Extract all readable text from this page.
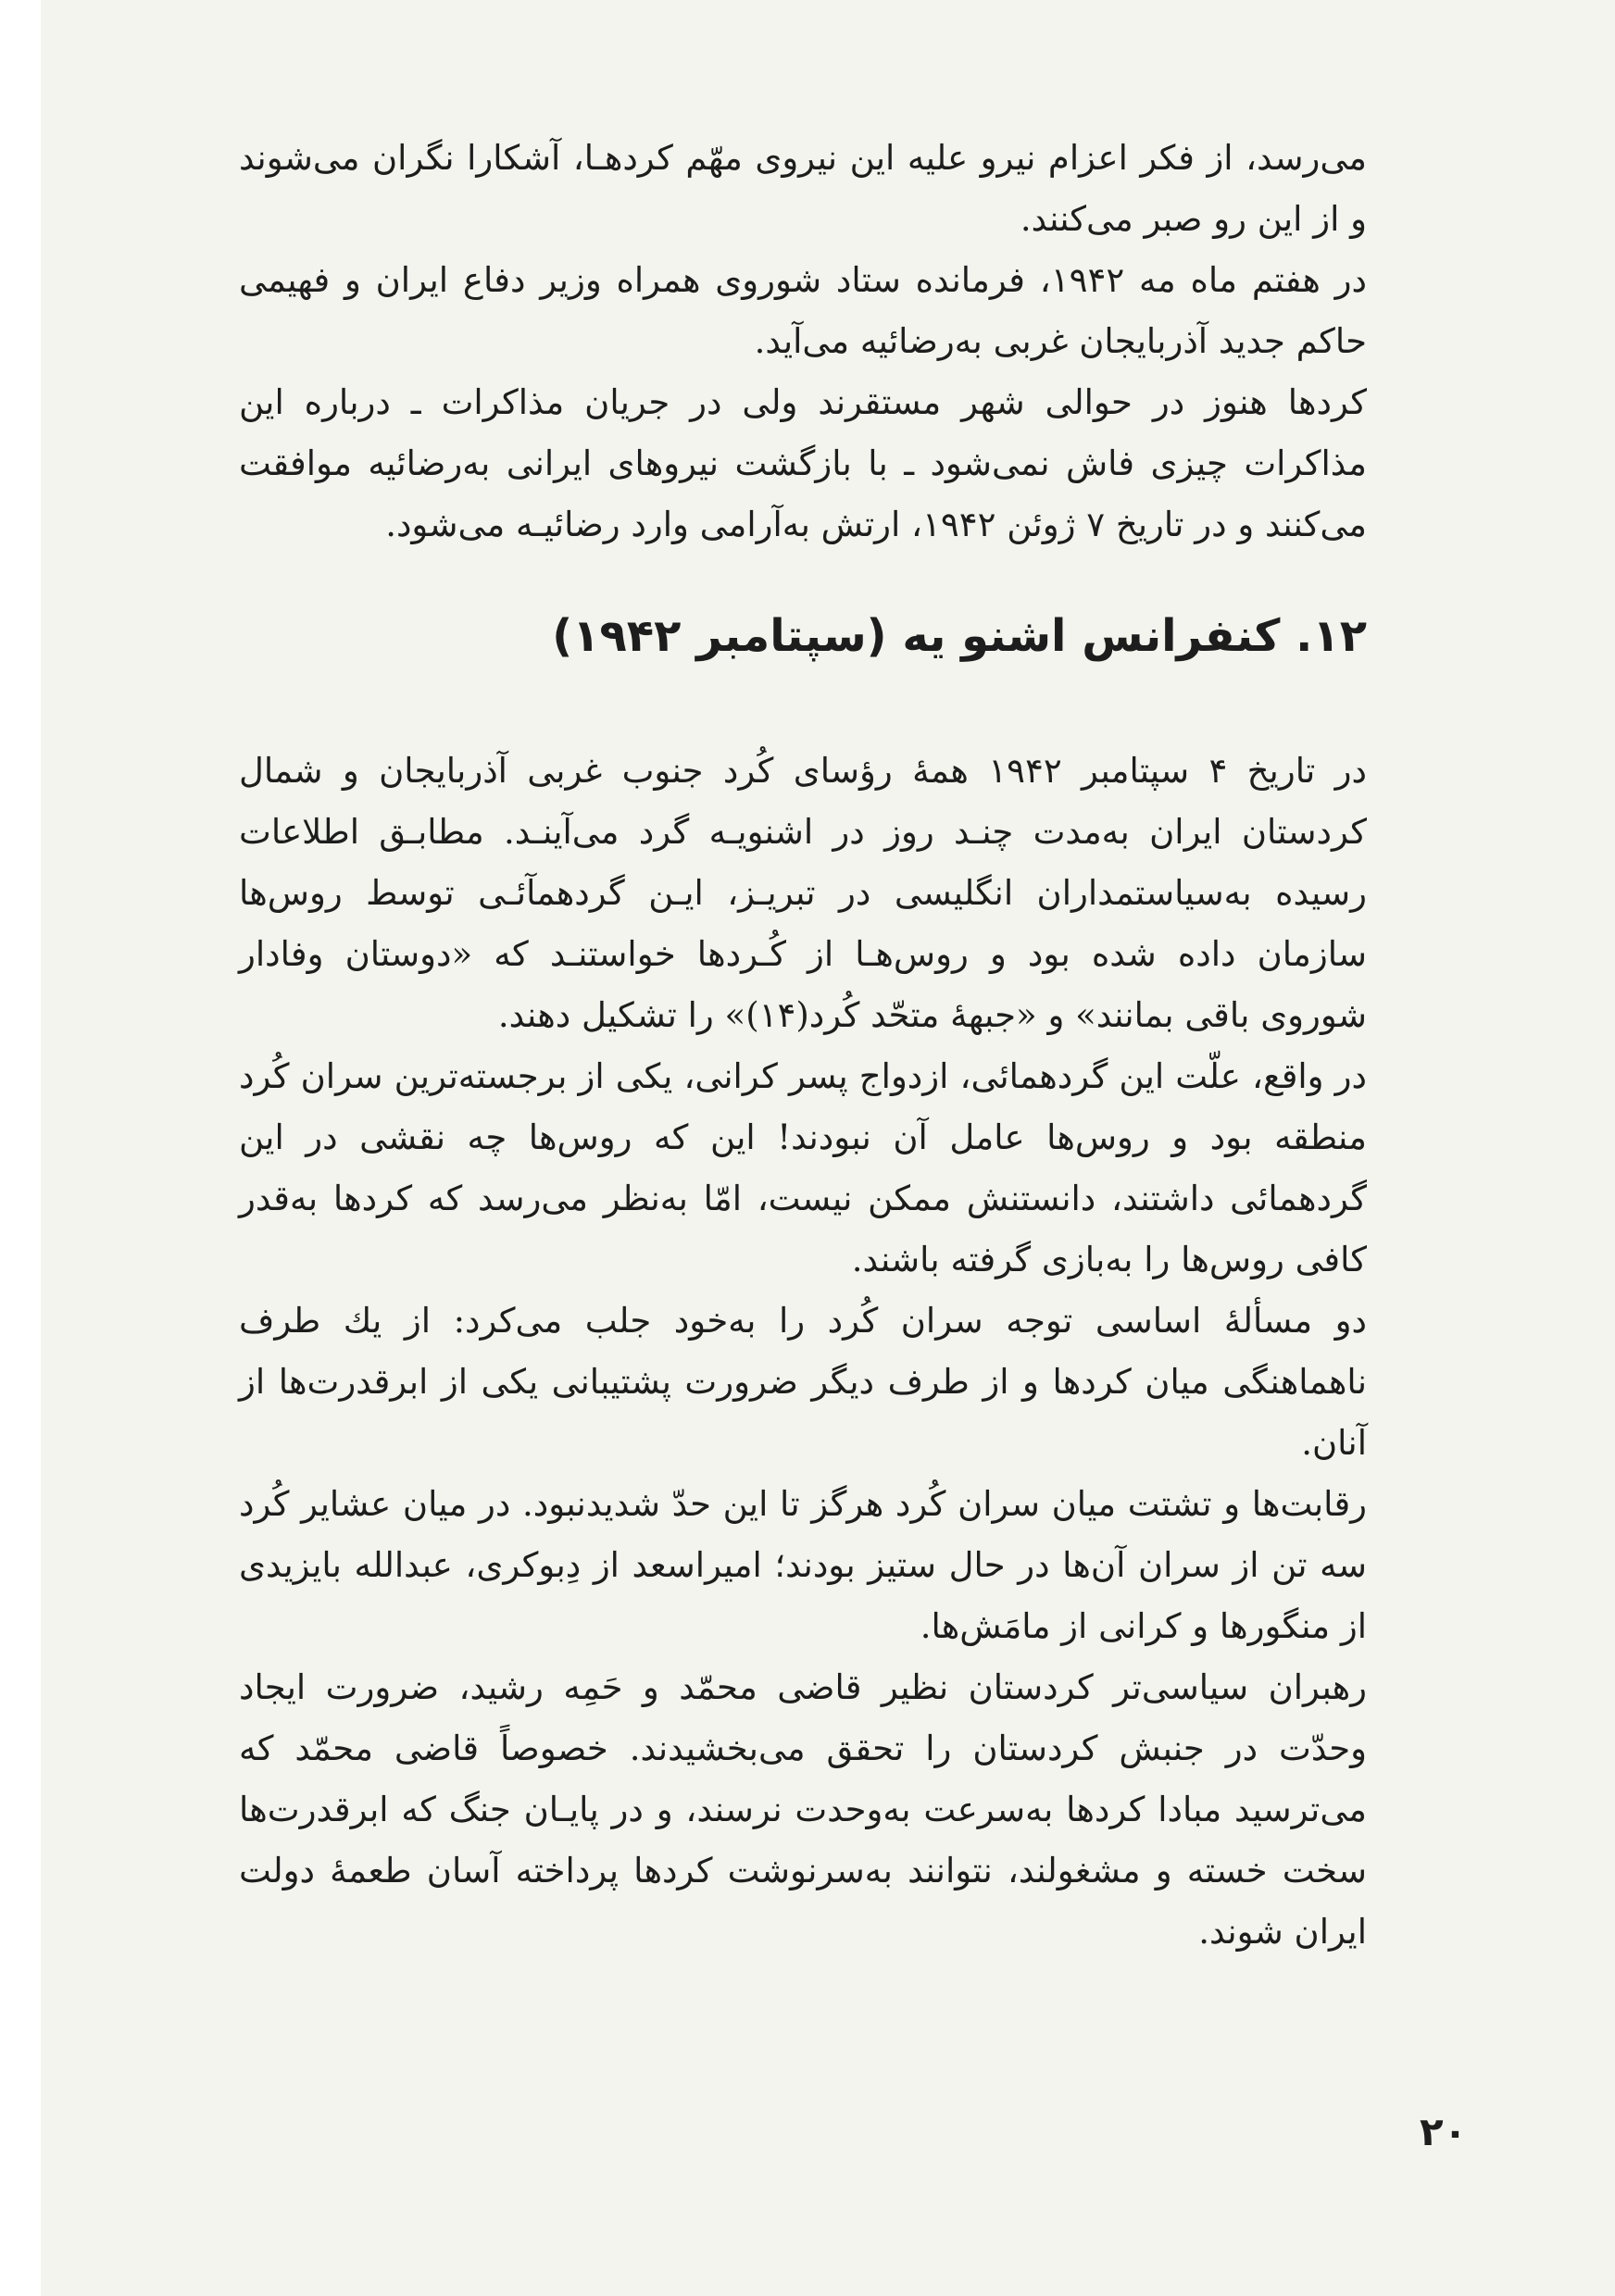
می‌رسد، از فکر اعزام نیرو علیه این نیروی مهّم کردهـا، آشکارا نگران می‌شوند و از این رو صبر می‌کنند.

در هفتم ماه مه ۱۹۴۲، فرمانده ستاد شوروی همراه وزیر دفاع ایران و فهیمی حاکم جدید آذربایجان غربی به‌رضائیه می‌آید.

کردها هنوز در حوالی شهر مستقرند ولی در جریان مذاکرات ـ درباره این مذاکرات چیزی فاش نمی‌شود ـ با بازگشت نیروهای ایرانی به‌رضائیه موافقت می‌کنند و در تاریخ ۷ ژوئن ۱۹۴۲، ارتش به‌آرامی وارد رضائیـه می‌شود.

۱۲. کنفرانس اشنو یه (سپتامبر ۱۹۴۲)

در تاریخ ۴ سپتامبر ۱۹۴۲ همهٔ رؤسای کُرد جنوب غربی آذربایجان و شمال کردستان ایران به‌مدت چنـد روز در اشنویـه گرد می‌آینـد. مطابـق اطلاعات رسیده به‌سیاستمداران انگلیسی در تبریـز، ایـن گردهمآئـی توسط روس‌ها سازمان داده شده بود و روس‌هـا از کُـردها خواستنـد که «دوستان وفادار شوروی باقی بمانند» و «جبههٔ متحّد کُرد(۱۴)» را تشکیل دهند.

در واقع، علّت این گردهمائی، ازدواج پسر کرانی، یکی از برجسته‌ترین سران کُرد منطقه بود و روس‌ها عامل آن نبودند! این که روس‌ها چه نقشی در این گردهمائی داشتند، دانستنش ممکن نیست، امّا به‌نظر می‌رسد که کردها به‌قدر کافی روس‌ها را به‌بازی گرفته باشند.

دو مسألهٔ اساسی توجه سران کُرد را به‌خود جلب می‌کرد: از یك طرف ناهماهنگی میان کردها و از طرف دیگر ضرورت پشتیبانی یکی از ابرقدرت‌ها از آنان.

رقابت‌ها و تشتت میان سران کُرد هرگز تا این حدّ شدیدنبود. در میان عشایر کُرد سه تن از سران آن‌ها در حال ستیز بودند؛ امیراسعد از دِبوکری، عبدالله بایزیدی از منگورها و کرانی از مامَش‌ها.

رهبران سیاسی‌تر کردستان نظیر قاضی محمّد و حَمِه رشید، ضرورت ایجاد وحدّت در جنبش کردستان را تحقق می‌بخشیدند. خصوصاً قاضی محمّد که می‌ترسید مبادا کردها به‌سرعت به‌وحدت نرسند، و در پایـان جنگ که ابرقدرت‌ها سخت خسته و مشغولند، نتوانند به‌سرنوشت کردها پرداخته آسان طعمهٔ دولت ایران شوند.

۲۰
